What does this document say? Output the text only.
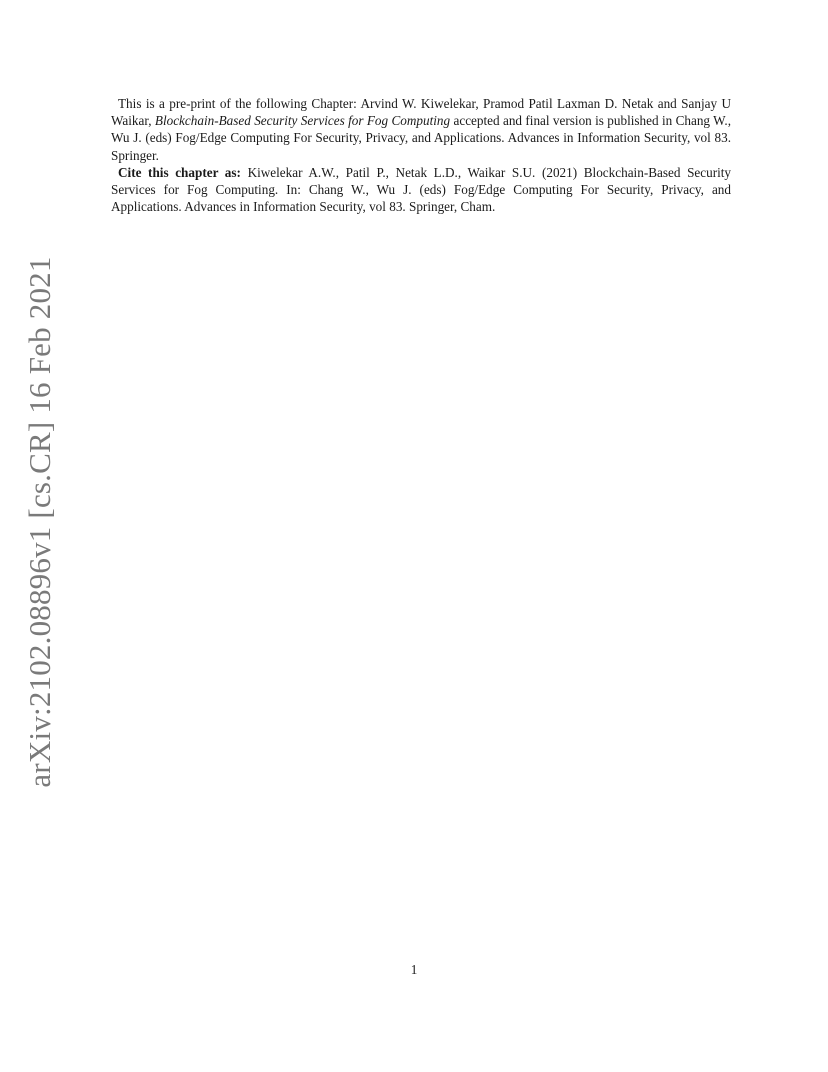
arXiv:2102.08896v1 [cs.CR] 16 Feb 2021

This is a pre-print of the following Chapter: Arvind W. Kiwelekar, Pramod Patil Laxman D. Netak and Sanjay U Waikar, Blockchain-Based Security Services for Fog Computing accepted and final version is published in Chang W., Wu J. (eds) Fog/Edge Computing For Security, Privacy, and Applications. Advances in Information Security, vol 83. Springer.

Cite this chapter as: Kiwelekar A.W., Patil P., Netak L.D., Waikar S.U. (2021) Blockchain-Based Security Services for Fog Computing. In: Chang W., Wu J. (eds) Fog/Edge Computing For Security, Privacy, and Applications. Advances in Information Security, vol 83. Springer, Cham.

1
